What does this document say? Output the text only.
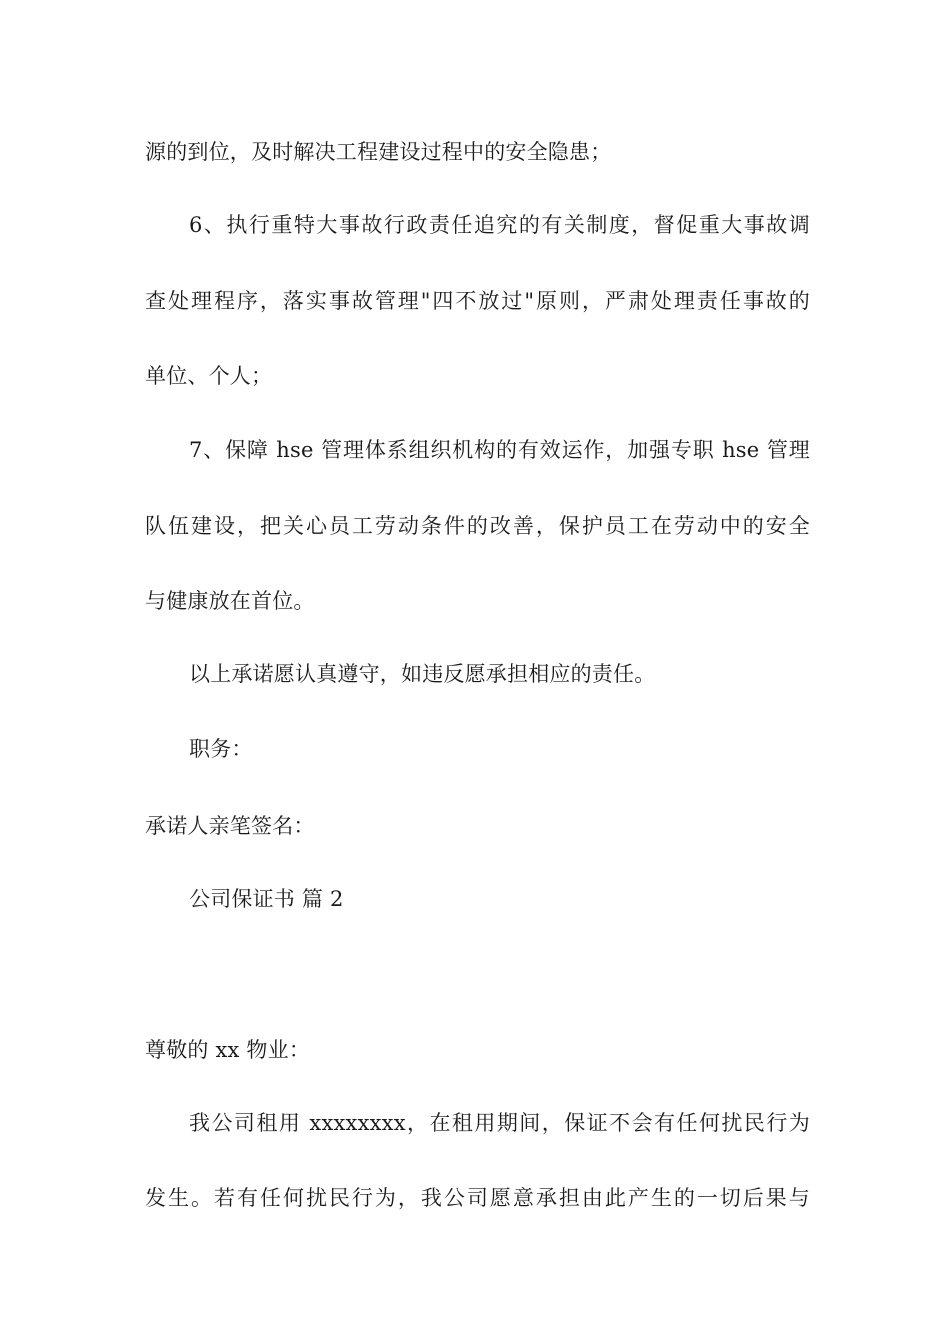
源的到位，及时解决工程建设过程中的安全隐患；
6、执行重特大事故行政责任追究的有关制度，督促重大事故调
查处理程序，落实事故管理"四不放过"原则，严肃处理责任事故的
单位、个人；
7、保障 hse 管理体系组织机构的有效运作，加强专职 hse 管理
队伍建设，把关心员工劳动条件的改善，保护员工在劳动中的安全
与健康放在首位。
以上承诺愿认真遵守，如违反愿承担相应的责任。
职务：
承诺人亲笔签名：
公司保证书 篇 2
尊敬的 xx 物业：
我公司租用 xxxxxxxx，在租用期间，保证不会有任何扰民行为
发生。若有任何扰民行为，我公司愿意承担由此产生的一切后果与
